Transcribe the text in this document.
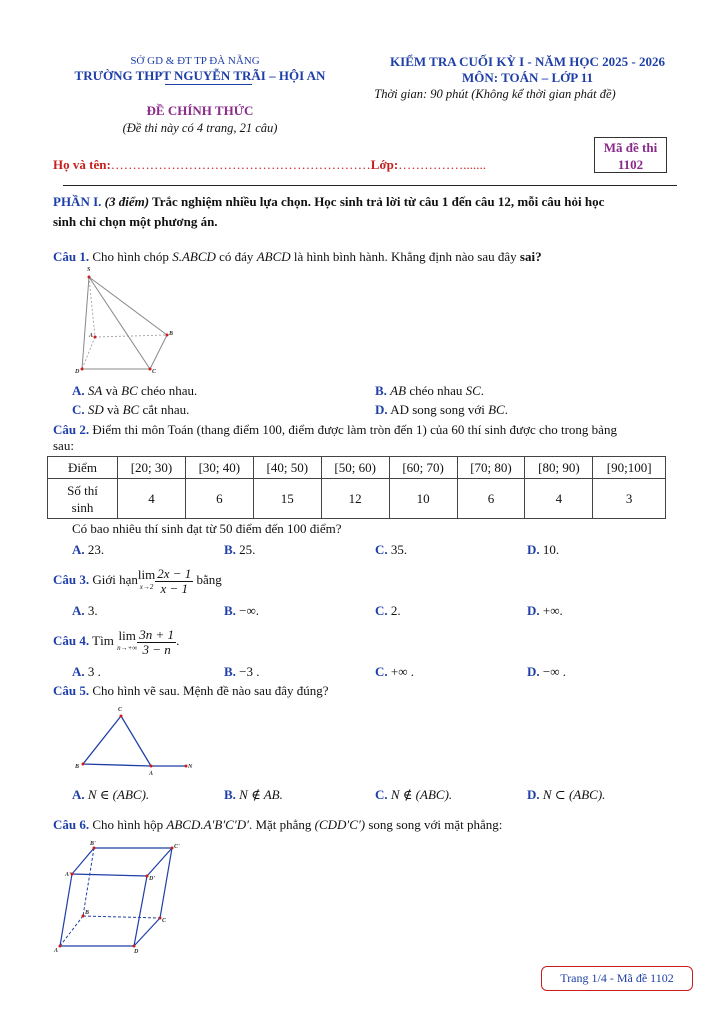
SỞ GD & ĐT TP ĐÀ NẴNG
TRƯỜNG THPT NGUYỄN TRÃI – HỘI AN
KIỂM TRA CUỐI KỲ I - NĂM HỌC 2025 - 2026
MÔN: TOÁN – LỚP 11
Thời gian: 90 phút (Không kể thời gian phát đề)
ĐỀ CHÍNH THỨC
(Đề thi này có 4 trang, 21 câu)
Mã đề thi
1102
Họ và tên:……………………………………………………Lớp:…………….......
PHẦN I. (3 điểm) Trắc nghiệm nhiều lựa chọn. Học sinh trả lời từ câu 1 đến câu 12, mỗi câu hỏi học
sinh chỉ chọn một phương án.
Câu 1. Cho hình chóp S.ABCD có đáy ABCD là hình bình hành. Khẳng định nào sau đây sai?
S
A	B
D	C
A. SA và BC chéo nhau.	B. AB chéo nhau SC.
C. SD và BC cắt nhau.	D. AD song song với BC.
Câu 2. Điểm thi môn Toán (thang điểm 100, điểm được làm tròn đến 1) của 60 thí sinh được cho trong bảng
sau:
Điểm	[20; 30)	[30; 40)	[40; 50)	[50; 60)	[60; 70)	[70; 80)	[80; 90)	[90;100]
Số thí
sinh	4	6	15	12	10	6	4	3
Có bao nhiêu thí sinh đạt từ 50 điểm đến 100 điểm?
A. 23.	B. 25.	C. 35.	D. 10.
Câu 3. Giới hạn lim
$x\to 2 \frac{2x - 1}{x - 1}$ bằng
A. 3.	B. −∞.	C. 2.	D. +∞.
Câu 4. Tìm lim
$n\to+\infty \frac{3n + 1}{3 - n}$ .
A. 3 .	B. −3 .	C. +∞ .	D. −∞ .
Câu 5. Cho hình vẽ sau. Mệnh đề nào sau đây đúng?
C
B
A
N
A. N ∈ (ABC).	B. N ∉ AB.	C. N ∉ (ABC).	D. N ⊂ (ABC).
Câu 6. Cho hình hộp ABCD.A′B′C′D′. Mặt phẳng (CDD′C′) song song với mặt phẳng:
B'	C'
A'
D'
B
C
A	D
Trang 1/4 - Mã đề 1102
